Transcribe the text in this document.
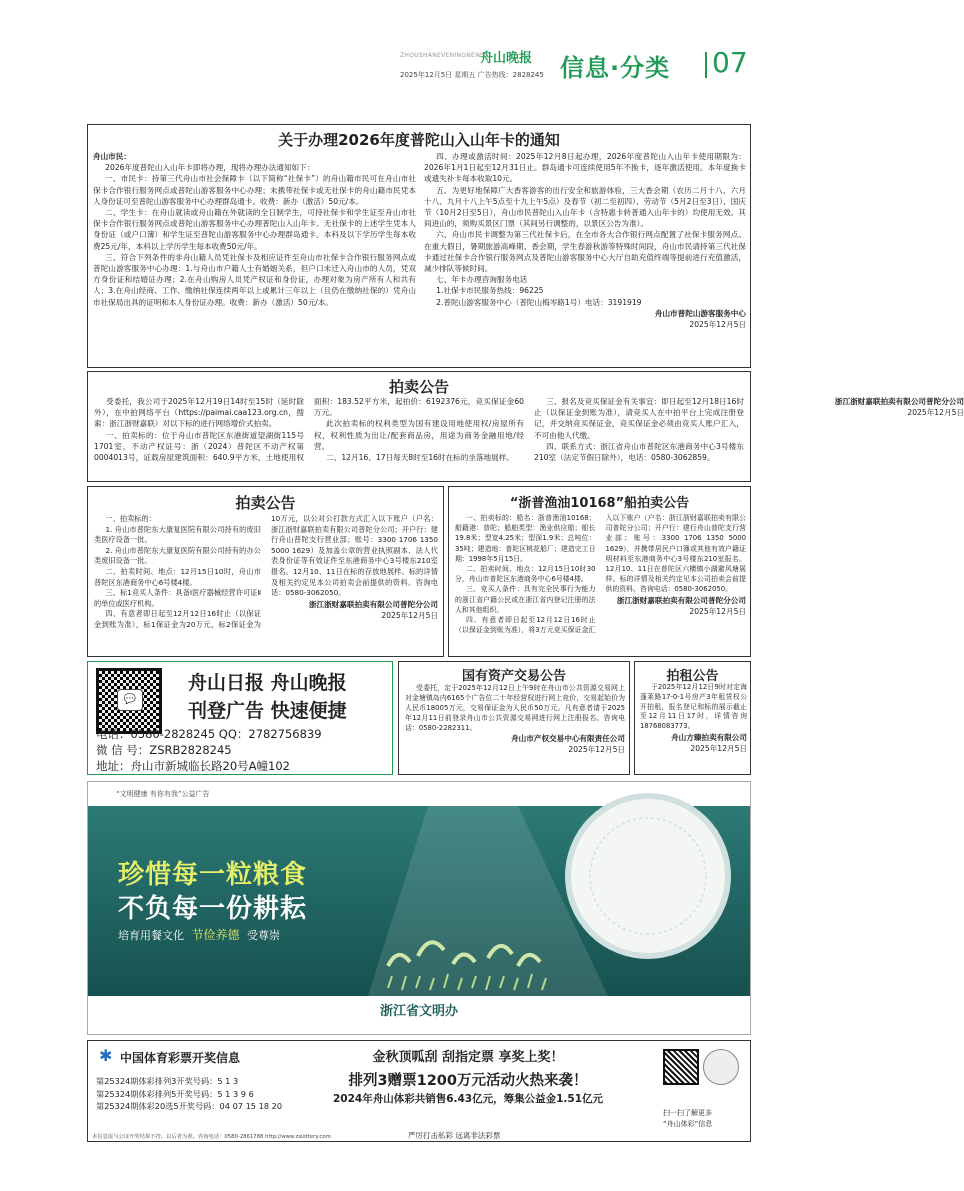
ZHOUSHANEVENINGNEWS
舟山晚报
2025年12月5日 星期五 广告热线：2828245 信息·分类 07
关于办理2026年度普陀山入山年卡的通知
舟山市民：

2026年度普陀山入山年卡即将办理，现将办理办法通知如下：

一、市民卡：持第三代舟山市社会保障卡（以下简称“社保卡”）的舟山籍市民可在舟山市社保卡合作银行服务网点或普陀山游客服务中心办理；未携带社保卡或无社保卡的舟山籍市民凭本人身份证可至普陀山游客服务中心办理群岛通卡。收费：新办（激活）50元/本。

二、学生卡：在舟山就读或舟山籍在外就读的全日制学生，可持社保卡和学生证至舟山市社保卡合作银行服务网点或普陀山游客服务中心办理普陀山入山年卡。无社保卡的上述学生凭本人身份证（或户口簿）和学生证至普陀山游客服务中心办理群岛通卡。本科及以下学历学生每本收费25元/年，本科以上学历学生每本收费50元/年。

三、符合下列条件的非舟山籍人员凭社保卡及相应证件至舟山市社保卡合作银行服务网点或普陀山游客服务中心办理：1.与舟山市户籍人士有婚姻关系，但户口未迁入舟山市的人员，凭双方身份证和结婚证办理；2.在舟山购房人员凭产权证和身份证，办理对象为房产所有人和共有人；3.在舟山经商、工作、缴纳社保连续两年以上或累计三年以上（且仍在缴纳社保的）凭舟山市社保局出具的证明和本人身份证办理。收费：新办（激活）50元/本。

四、办理或激活时间：2025年12月8日起办理，2026年度普陀山入山年卡使用期限为：2026年1月1日起至12月31日止。群岛通卡可连续使用5年不换卡，逐年激活使用。本年度换卡或遗失补卡每本收取10元。

五、为更好地保障广大香客游客的出行安全和旅游体验，三大香会期（农历二月十八、六月十八、九月十八上午5点至十九上午5点）及春节（初二至初四）、劳动节（5月2日至3日）、国庆节（10月2日至5日），舟山市民普陀山入山年卡（含特惠卡转普通入山年卡的）均使用无效。其间进山的，须购买景区门票（其间另行调整的，以景区公告为准）。

六、舟山市民卡调整为第三代社保卡后，在全市各大合作银行网点配置了社保卡服务网点。在重大假日，暑期旅游高峰期、香会期，学生春游秋游等特殊时间段，舟山市民请持第三代社保卡通过社保卡合作银行服务网点及普陀山游客服务中心大厅自助充值终端等提前进行充值激活，减少排队等候时间。

七、年卡办理咨询服务电话

1.社保卡市民服务热线：96225

2.普陀山游客服务中心（普陀山梅岑路1号）电话：3191919

舟山市普陀山游客服务中心
2025年12月5日
拍卖公告

受委托，我公司于2025年12月19日14时至15时（延时除外），在中拍网络平台（https://paimai.caa123.org.cn，搜索：浙江浙财嘉联）对以下标的进行网络增价式拍卖。

一、拍卖标的：位于舟山市普陀区东港街道望湖街115号1701室，不动产权证号：浙（2024）普陀区不动产权第0004013号，证载房屋建筑面积：640.9平方米，土地使用权面积：183.52平方米，起拍价：6192376元，竞买保证金60万元。

此次拍卖标的权利类型为国有建设用地使用权/房屋所有权，权利性质为出让/配套商品房，用途为商务金融用地/经营。

二、12月16、17日每天8时至16时在标的坐落地展样。

三、报名及竞买保证金有关事宜：即日起至12月18日16时止（以保证金到账为准），请竞买人在中拍平台上完成注册登记，并交纳竞买保证金，竞买保证金必须由竞买人账户汇入，不可由他人代缴。

四、联系方式：浙江省舟山市普陀区东港商务中心3号楼东210室（法定节假日除外），电话：0580-3062859。

浙江浙财嘉联拍卖有限公司普陀分公司
2025年12月5日
拍卖公告

一、拍卖标的：

1. 舟山市普陀东大康复医院有限公司持有的废旧类医疗设备一批。

2. 舟山市普陀东大康复医院有限公司持有的办公类废旧设备一批。

二、拍卖时间、地点：12月15日10时，舟山市普陀区东港商务中心6号楼4楼。

三、标1竞买人条件：具备Ⅰ医疗器械经营许可证Ⅱ的单位或医疗机构。

四、有意者即日起至12月12日16时止（以保证金到账为准），标1保证金为20万元，标2保证金为10万元，以公对公打款方式汇入以下账户（户名：浙江浙财嘉联拍卖有限公司普陀分公司；开户行：建行舟山普陀支行营业部；账号：3300 1706 1350 5000 1629）及加盖公章的营业执照副本、法人代表身份证等有效证件至东港商务中心3号楼东210室报名。12月10、11日在标的存放地展样。标的详情及相关约定见本公司拍卖会前提供的资料。咨询电话：0580-3062050。

浙江浙财嘉联拍卖有限公司普陀分公司
2025年12月5日
“浙普渔油10168”船拍卖公告

一、拍卖标的：船名：浙普渔油10168；船籍港：普陀；船舶类型：渔业供应船；船长19.8米；型宽4.25米；型深1.9米；总吨位：35吨；建造地：普陀区桃花船厂；建造完工日期：1998年5月15日。

二、拍卖时间、地点：12月15日10时30分，舟山市普陀区东港商务中心6号楼4楼。

三、竞买人条件：具有完全民事行为能力的浙江省户籍公民或在浙江省内登记注册的法人和其他组织。

四、有意者即日起至12月12日16时止（以保证金到账为准），将3万元竞买保证金汇入以下账户（户名：浙江浙财嘉联拍卖有限公司普陀分公司；开户行：建行舟山普陀支行营业部；账号：3300 1706 1350 5000 1629），并携带居民户口簿或其他有效户籍证明材料至东港商务中心3号楼东210室报名。12月10、11日在普陀区六横镇小湖避风塘展样。标的详情及相关约定见本公司拍卖会前提供的资料。咨询电话：0580-3062050。

浙江浙财嘉联拍卖有限公司普陀分公司
2025年12月5日
💬
舟山日报 舟山晚报
刊登广告 快速便捷
电话：0580-2828245 QQ：2782756839
微 信 号：ZSRB2828245
地址：舟山市新城临长路20号A幢102
国有资产交易公告

受委托，定于2025年12月12日上午9时在舟山市公共资源交易网上对金塘镇岛内6165个广告位二十年经营权进行网上竞价，交易起始价为人民币18005万元，交易保证金为人民币50万元。凡有意者请于2025年12月11日前登录舟山市公共资源交易网进行网上注册报名。咨询电话：0580-2282311。

舟山市产权交易中心有限责任公司
2025年12月5日
拍租公告

于2025年12月12日9时对定海蓬莱路17-0-1号房产3年租赁权公开拍租，报名登记和标的展示截止至12月11日17时，详情咨询18768083773。

舟山方臻拍卖有限公司
2025年12月5日
“文明健康 有你有我”公益广告
珍惜每一粒粮食
不负每一份耕耘
培育用餐文化 节俭养德 受尊崇
浙江省文明办
✱ 中国体育彩票开奖信息
第25324期体彩排列3开奖号码：5 1 3
第25324期体彩排列5开奖号码：5 1 3 9 6
第25324期体彩20选5开奖号码：04 07 15 18 20
金秋顶呱刮 刮指定票 享奖上奖！
排列3赠票1200万元活动火热来袭！
2024年舟山体彩共销售6.43亿元，筹集公益金1.51亿元
扫一扫了解更多
“舟山体彩”信息
本信息报与公证开奖结果不符，以后者为准。咨询电话：0580-2861788 http://www.zslottery.com	严厉打击私彩 远离非法彩票
